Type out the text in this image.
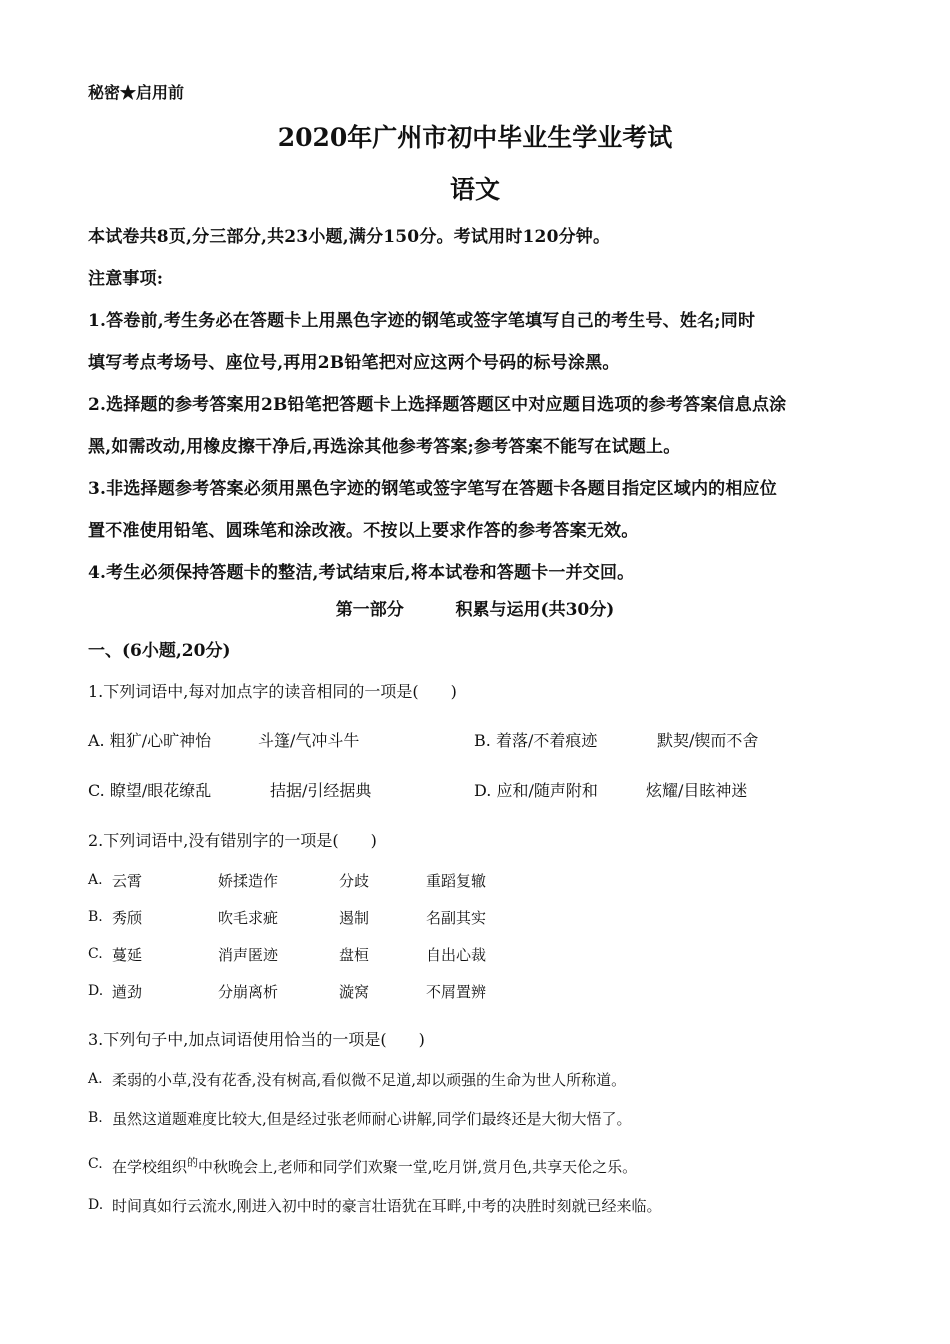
秘密★启用前
2020年广州市初中毕业生学业考试
语文
本试卷共8页,分三部分,共23小题,满分150分。考试用时120分钟。
注意事项:
1.答卷前,考生务必在答题卡上用黑色字迹的钢笔或签字笔填写自己的考生号、姓名;同时
填写考点考场号、座位号,再用2B铅笔把对应这两个号码的标号涂黑。
2.选择题的参考答案用2B铅笔把答题卡上选择题答题区中对应题目选项的参考答案信息点涂
黑,如需改动,用橡皮擦干净后,再选涂其他参考答案;参考答案不能写在试题上。
3.非选择题参考答案必须用黑色字迹的钢笔或签字笔写在答题卡各题目指定区域内的相应位
置不准使用铅笔、圆珠笔和涂改液。不按以上要求作答的参考答案无效。
4.考生必须保持答题卡的整洁,考试结束后,将本试卷和答题卡一并交回。
第一部分	积累与运用(共30分)
一、(6小题,20分)
1.下列词语中,每对加点字的读音相同的一项是(　　)
A. 粗犷/心旷神怡	斗篷/气冲斗牛	B. 着落/不着痕迹	默契/锲而不舍
C. 瞭望/眼花缭乱	拮据/引经据典	D. 应和/随声附和	炫耀/目眩神迷
2.下列词语中,没有错别字的一项是(　　)
A. 云霄	娇揉造作	分歧	重蹈复辙
B. 秀颀	吹毛求疵	遏制	名副其实
C. 蔓延	消声匿迹	盘桓	自出心裁
D. 遒劲	分崩离析	漩窝	不屑置辨
3.下列句子中,加点词语使用恰当的一项是(　　)
A. 柔弱的小草,没有花香,没有树高,看似微不足道,却以顽强的生命为世人所称道。
B. 虽然这道题难度比较大,但是经过张老师耐心讲解,同学们最终还是大彻大悟了。
C. 在学校组织$^的$中秋晚会上,老师和同学们欢聚一堂,吃月饼,赏月色,共享天伦之乐。
D. 时间真如行云流水,刚进入初中时的豪言壮语犹在耳畔,中考的决胜时刻就已经来临。
